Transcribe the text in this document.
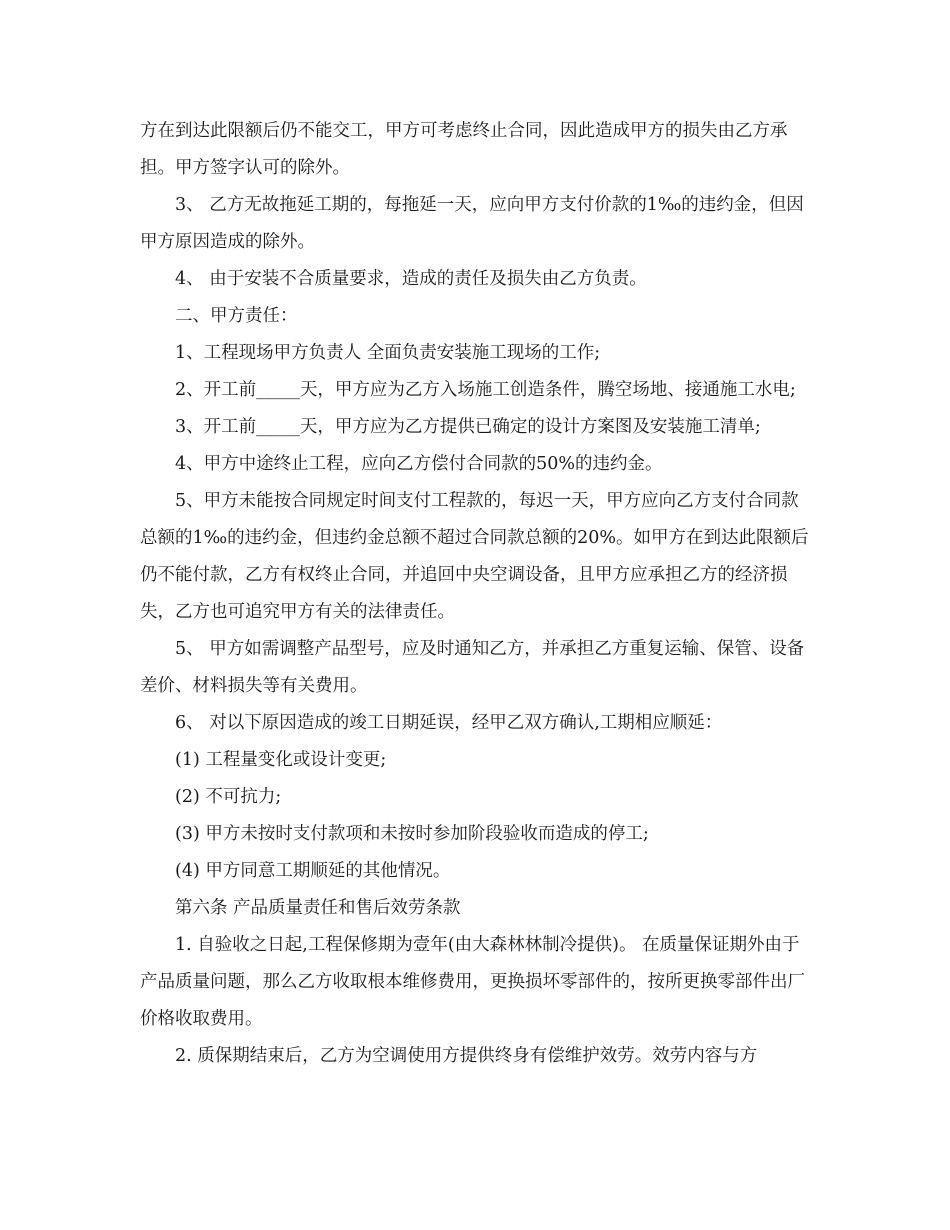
方在到达此限额后仍不能交工，甲方可考虑终止合同，因此造成甲方的损失由乙方承担。甲方签字认可的除外。

3、 乙方无故拖延工期的，每拖延一天，应向甲方支付价款的1‰的违约金，但因甲方原因造成的除外。

4、 由于安装不合质量要求，造成的责任及损失由乙方负责。

二、甲方责任：

1、工程现场甲方负责人 全面负责安装施工现场的工作;

2、开工前_____天，甲方应为乙方入场施工创造条件，腾空场地、接通施工水电;

3、开工前_____天，甲方应为乙方提供已确定的设计方案图及安装施工清单;

4、甲方中途终止工程，应向乙方偿付合同款的50%的违约金。

5、甲方未能按合同规定时间支付工程款的，每迟一天，甲方应向乙方支付合同款总额的1‰的违约金，但违约金总额不超过合同款总额的20%。如甲方在到达此限额后仍不能付款，乙方有权终止合同，并追回中央空调设备，且甲方应承担乙方的经济损失，乙方也可追究甲方有关的法律责任。

5、 甲方如需调整产品型号，应及时通知乙方，并承担乙方重复运输、保管、设备差价、材料损失等有关费用。

6、 对以下原因造成的竣工日期延误，经甲乙双方确认,工期相应顺延：

(1) 工程量变化或设计变更;

(2) 不可抗力;

(3) 甲方未按时支付款项和未按时参加阶段验收而造成的停工;

(4) 甲方同意工期顺延的其他情况。

第六条 产品质量责任和售后效劳条款

1. 自验收之日起,工程保修期为壹年(由大森林林制冷提供)。 在质量保证期外由于产品质量问题，那么乙方收取根本维修费用，更换损坏零部件的，按所更换零部件出厂价格收取费用。

2. 质保期结束后，乙方为空调使用方提供终身有偿维护效劳。效劳内容与方
